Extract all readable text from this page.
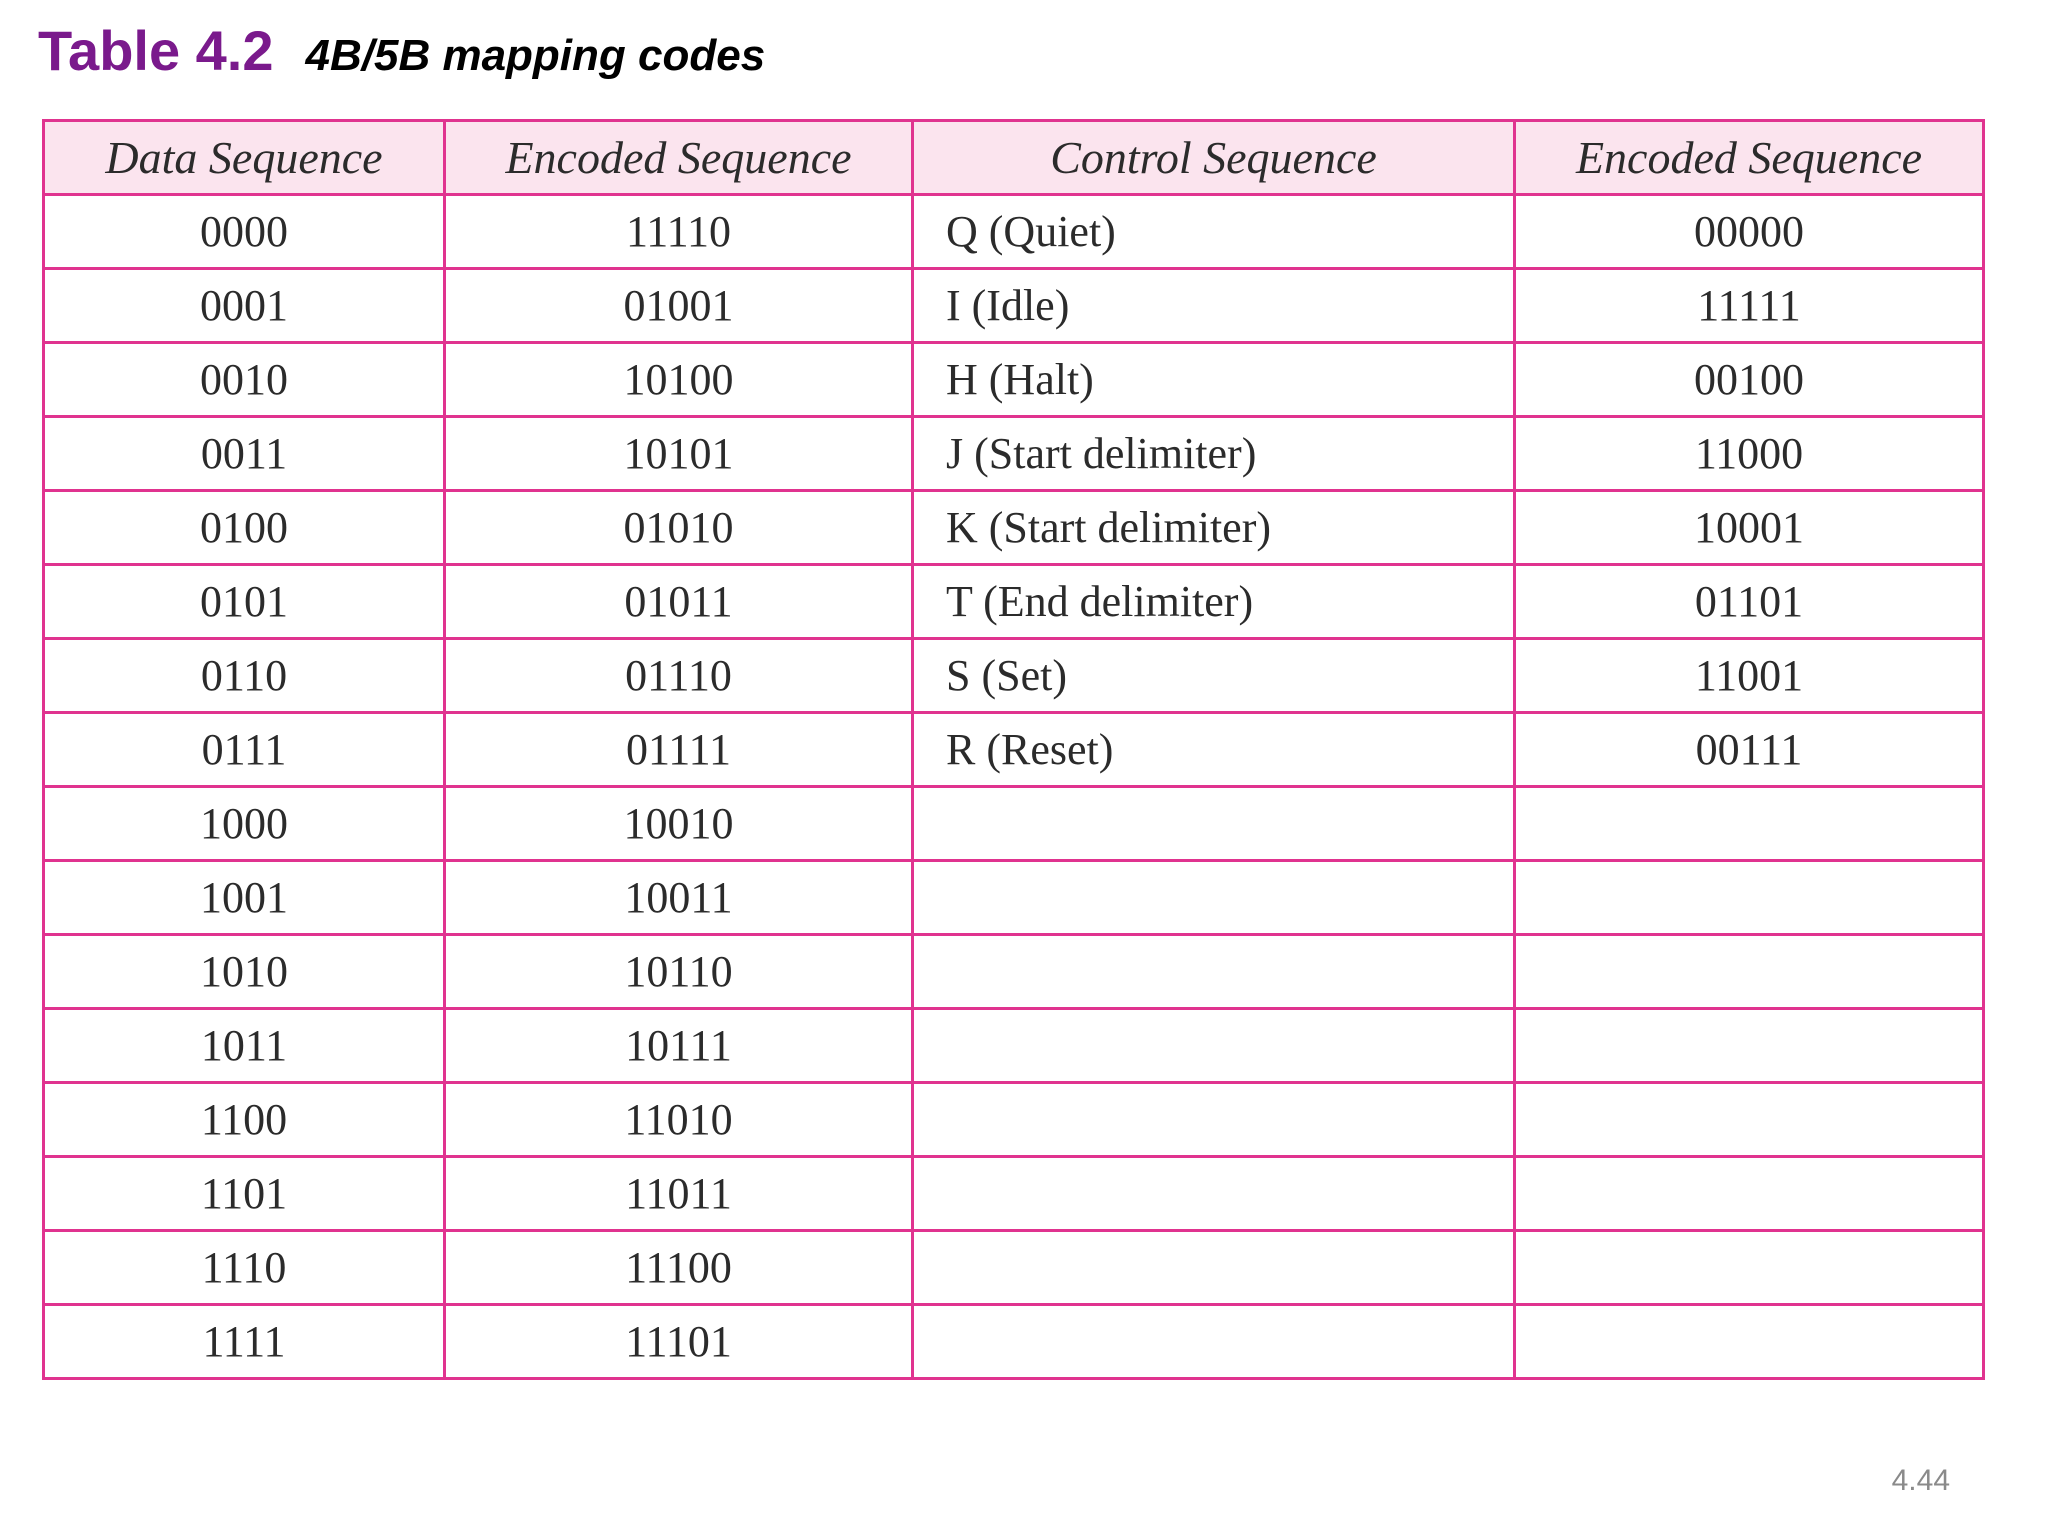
Table 4.2 4B/5B mapping codes
Data Sequence	Encoded Sequence	Control Sequence	Encoded Sequence
0000	11110	Q (Quiet)	00000
0001	01001	I (Idle)	11111
0010	10100	H (Halt)	00100
0011	10101	J (Start delimiter)	11000
0100	01010	K (Start delimiter)	10001
0101	01011	T (End delimiter)	01101
0110	01110	S (Set)	11001
0111	01111	R (Reset)	00111
1000	10010		
1001	10011		
1010	10110		
1011	10111		
1100	11010		
1101	11011		
1110	11100		
1111	11101		
4.44
